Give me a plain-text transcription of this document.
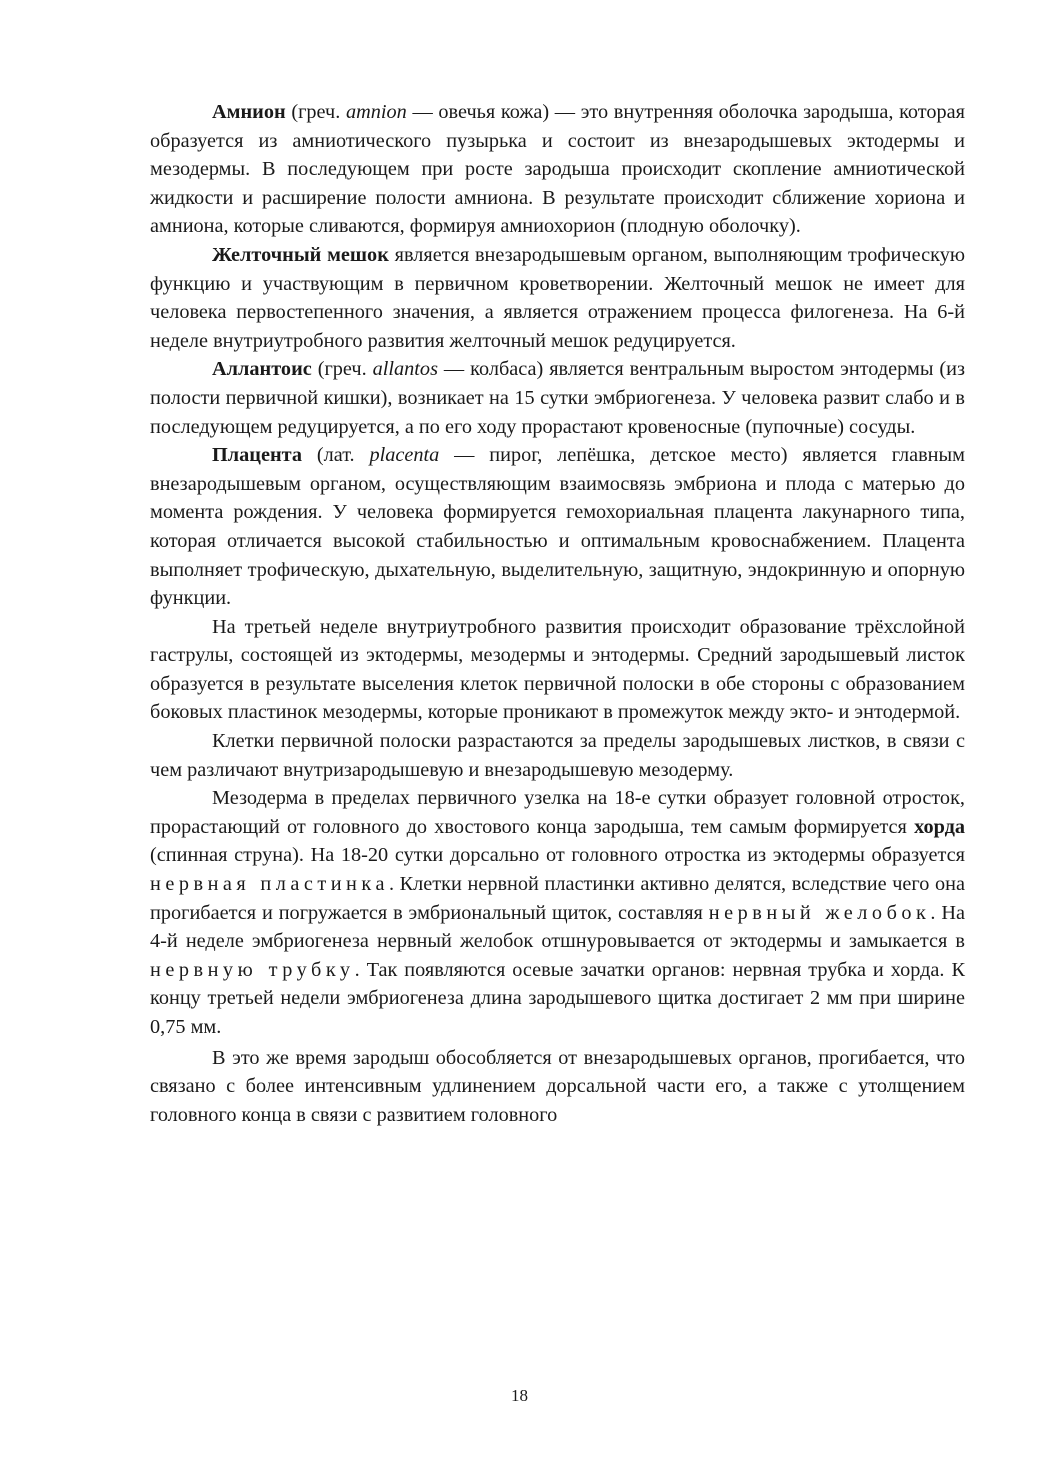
Амнион (греч. amnion — овечья кожа) — это внутренняя оболочка зародыша, которая образуется из амниотического пузырька и состоит из внезародышевых эктодермы и мезодермы. В последующем при росте зародыша происходит скопление амниотической жидкости и расширение полости амниона. В результате происходит сближение хориона и амниона, которые сливаются, формируя амниохорион (плодную оболочку).

Желточный мешок является внезародышевым органом, выполняющим трофическую функцию и участвующим в первичном кроветворении. Желточный мешок не имеет для человека первостепенного значения, а является отражением процесса филогенеза. На 6-й неделе внутриутробного развития желточный мешок редуцируется.

Аллантоис (греч. allantos — колбаса) является вентральным выростом энтодермы (из полости первичной кишки), возникает на 15 сутки эмбриогенеза. У человека развит слабо и в последующем редуцируется, а по его ходу прорастают кровеносные (пупочные) сосуды.

Плацента (лат. placenta — пирог, лепёшка, детское место) является главным внезародышевым органом, осуществляющим взаимосвязь эмбриона и плода с матерью до момента рождения. У человека формируется гемохориальная плацента лакунарного типа, которая отличается высокой стабильностью и оптимальным кровоснабжением. Плацента выполняет трофическую, дыхательную, выделительную, защитную, эндокринную и опорную функции.

На третьей неделе внутриутробного развития происходит образование трёхслойной гаструлы, состоящей из эктодермы, мезодермы и энтодермы. Средний зародышевый листок образуется в результате выселения клеток первичной полоски в обе стороны с образованием боковых пластинок мезодермы, которые проникают в промежуток между экто- и энтодермой.

Клетки первичной полоски разрастаются за пределы зародышевых листков, в связи с чем различают внутризародышевую и внезародышевую мезодерму.

Мезодерма в пределах первичного узелка на 18-е сутки образует головной отросток, прорастающий от головного до хвостового конца зародыша, тем самым формируется хорда (спинная струна). На 18-20 сутки дорсально от головного отростка из эктодермы образуется нервная пластинка. Клетки нервной пластинки активно делятся, вследствие чего она прогибается и погружается в эмбриональный щиток, составляя нервный желобок. На 4-й неделе эмбриогенеза нервный желобок отшнуровывается от эктодермы и замыкается в нервную трубку. Так появляются осевые зачатки органов: нервная трубка и хорда. К концу третьей недели эмбриогенеза длина зародышевого щитка достигает 2 мм при ширине 0,75 мм.

В это же время зародыш обособляется от внезародышевых органов, прогибается, что связано с более интенсивным удлинением дорсальной части его, а также с утолщением головного конца в связи с развитием головного

18
